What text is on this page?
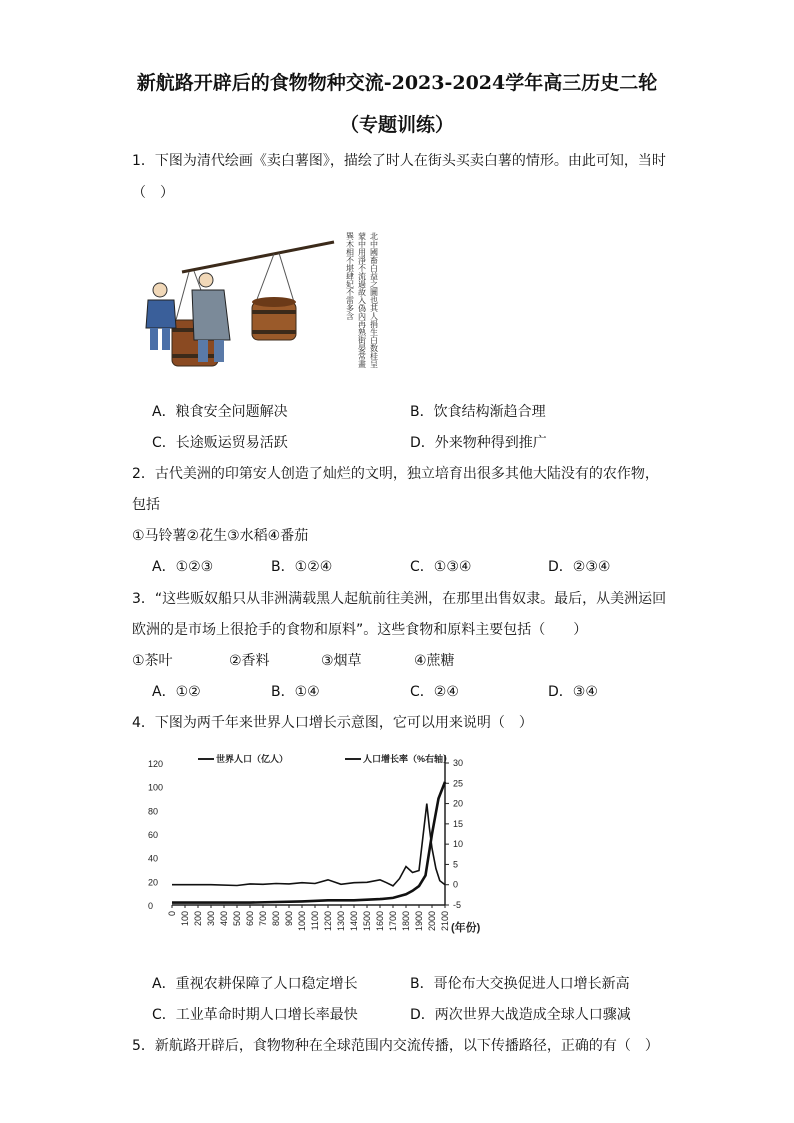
新航路开辟后的食物物种交流-2023-2024学年高三历史二轮
（专题训练）
1．下图为清代绘画《卖白薯图》，描绘了时人在街头买卖白薯的情形。由此可知，当时
（　）
北中國畜白益之圖也其人捐生白数桂呈
蒙中用淨不流過故入偽內再熟街晏常畫
巽木相不堪肆妃不雷多含
A．粮食安全问题解决	B．饮食结构渐趋合理
C．长途贩运贸易活跃	D．外来物种得到推广
2．古代美洲的印第安人创造了灿烂的文明，独立培育出很多其他大陆没有的农作物，
包括
①马铃薯②花生③水稻④番茄
A．①②③	B．①②④	C．①③④	D．②③④
3．“这些贩奴船只从非洲满载黑人起航前往美洲，在那里出售奴隶。最后，从美洲运回
欧洲的是市场上很抢手的食物和原料”。这些食物和原料主要包括（　　）
①茶叶	②香料	③烟草	④蔗糖
A．①②	B．①④	C．②④	D．③④
4．下图为两千年来世界人口增长示意图，它可以用来说明（　）
120
100
80
60
40
20
0
30
25
20
15
10
5
0
-5
0 100 200 300 400 500 600 700 800 900 1000 1100 1200 1300 1400 1500 1600 1700 1800 1900 2000 2100 (年份)
世界人口（亿人）	人口增长率（%右轴）
A．重视农耕保障了人口稳定增长	B．哥伦布大交换促进人口增长新高
C．工业革命时期人口增长率最快	D．两次世界大战造成全球人口骤减
5．新航路开辟后，食物物种在全球范围内交流传播，以下传播路径，正确的有（　）
